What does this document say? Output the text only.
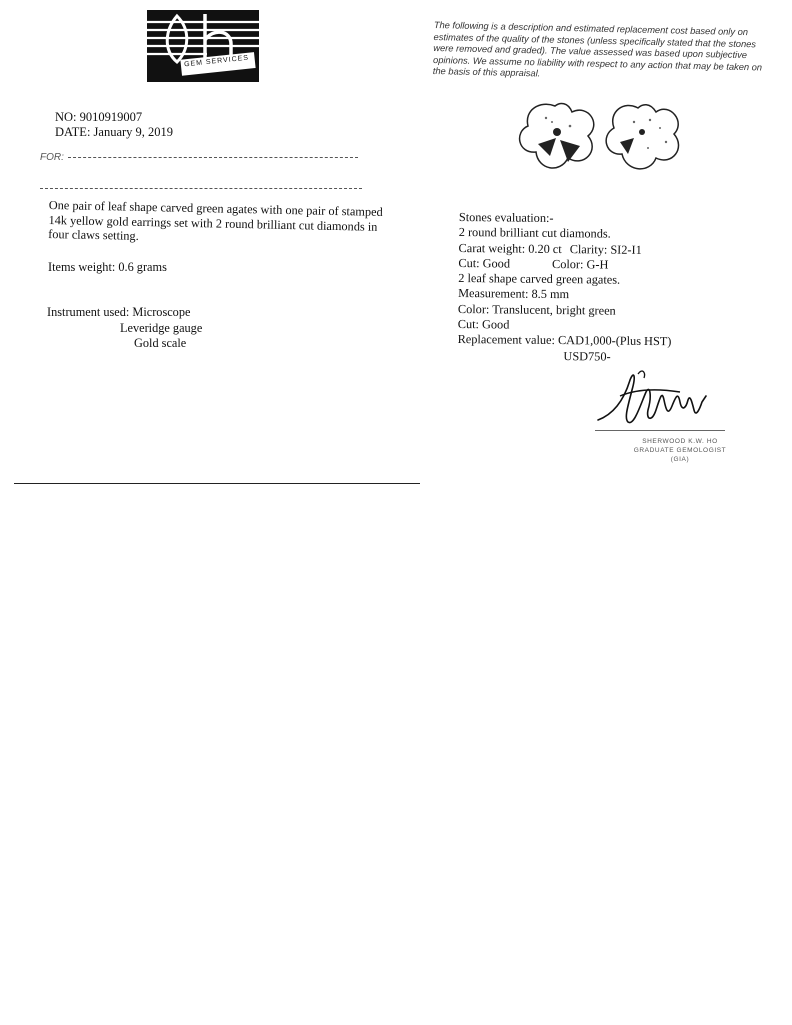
GEM SERVICES
The following is a description and estimated replacement cost based only on estimates of the quality of the stones (unless specifically stated that the stones were removed and graded). The value assessed was based upon subjective opinions. We assume no liability with respect to any action that may be taken on the basis of this appraisal.
NO: 9010919007
DATE: January 9, 2019
FOR:
One pair of leaf shape carved green agates with one pair of stamped 14k yellow gold earrings set with 2 round brilliant cut diamonds in four claws setting.
Items weight: 0.6 grams
Instrument used: Microscope
Leveridge gauge
Gold scale
Stones evaluation:-
2 round brilliant cut diamonds.
Carat weight: 0.20 ct Clarity: SI2-I1
Cut: Good	Color: G-H
2 leaf shape carved green agates.
Measurement: 8.5 mm
Color: Translucent, bright green
Cut: Good
Replacement value: CAD1,000-(Plus HST)
USD750-
SHERWOOD K.W. HO
GRADUATE GEMOLOGIST
(GIA)
